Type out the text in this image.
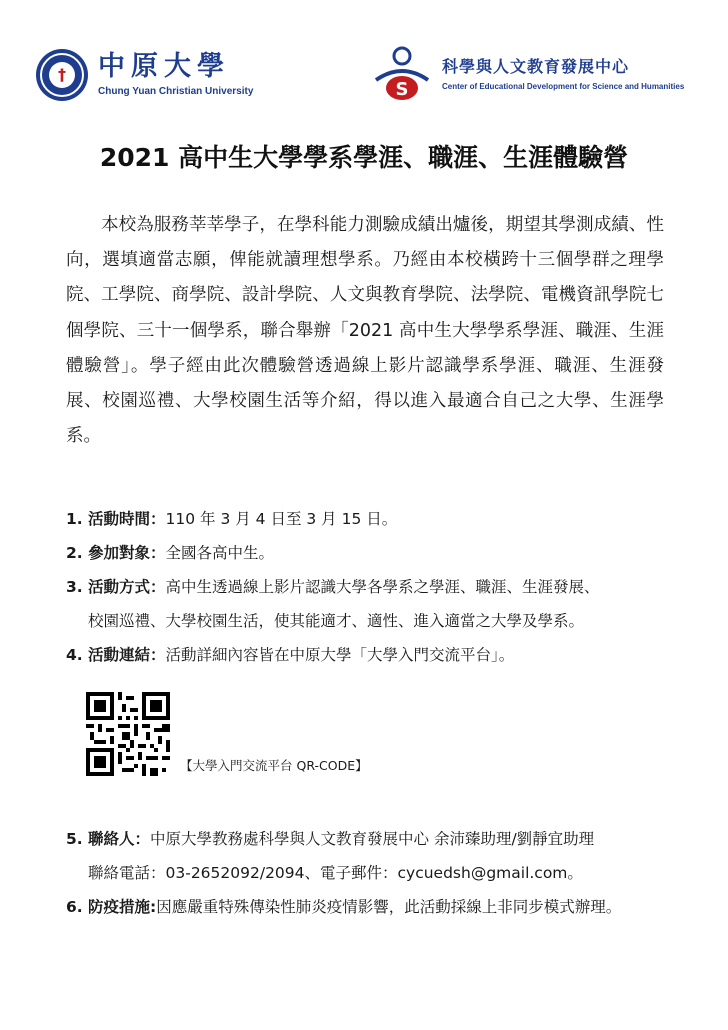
† 中原大學
Chung Yuan Christian University	S
科學與人文教育發展中心
Center of Educational Development for Science and Humanities
2021 高中生大學學系學涯、職涯、生涯體驗營
本校為服務莘莘學子，在學科能力測驗成績出爐後，期望其學測成績、性向，選填適當志願，俾能就讀理想學系。乃經由本校橫跨十三個學群之理學院、工學院、商學院、設計學院、人文與教育學院、法學院、電機資訊學院七個學院、三十一個學系，聯合舉辦「2021 高中生大學學系學涯、職涯、生涯體驗營」。學子經由此次體驗營透過線上影片認識學系學涯、職涯、生涯發展、校園巡禮、大學校園生活等介紹，得以進入最適合自己之大學、生涯學系。
1. 活動時間：110 年 3 月 4 日至 3 月 15 日。
2. 參加對象：全國各高中生。
3. 活動方式：高中生透過線上影片認識大學各學系之學涯、職涯、生涯發展、
校園巡禮、大學校園生活，使其能適才、適性、進入適當之大學及學系。
4. 活動連結：活動詳細內容皆在中原大學「大學入門交流平台」。
5. 聯絡人：中原大學教務處科學與人文教育發展中心 余沛臻助理/劉靜宜助理
聯絡電話：03-2652092/2094、電子郵件：cycuedsh@gmail.com。
6. 防疫措施:因應嚴重特殊傳染性肺炎疫情影響，此活動採線上非同步模式辦理。
【大學入門交流平台 QR-CODE】
